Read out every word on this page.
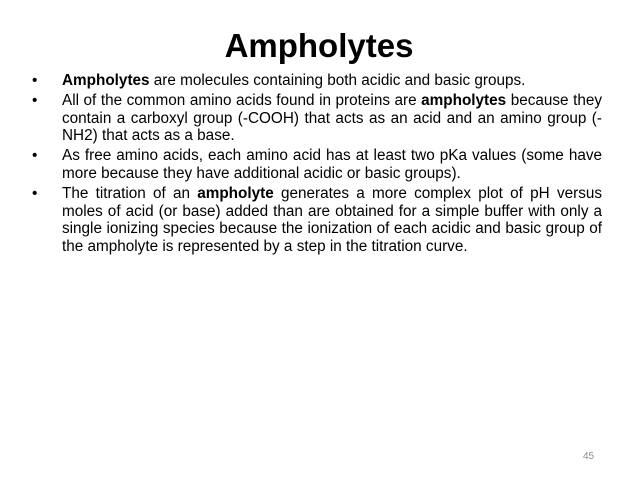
Ampholytes
•	Ampholytes are molecules containing both acidic and basic groups.
•	All of the common amino acids found in proteins are ampholytes because they contain a carboxyl group (-COOH) that acts as an acid and an amino group (-NH2) that acts as a base.
•	As free amino acids, each amino acid has at least two pKa values (some have more because they have additional acidic or basic groups).
•	The titration of an ampholyte generates a more complex plot of pH versus moles of acid (or base) added than are obtained for a simple buffer with only a single ionizing species because the ionization of each acidic and basic group of the ampholyte is represented by a step in the titration curve.
45
